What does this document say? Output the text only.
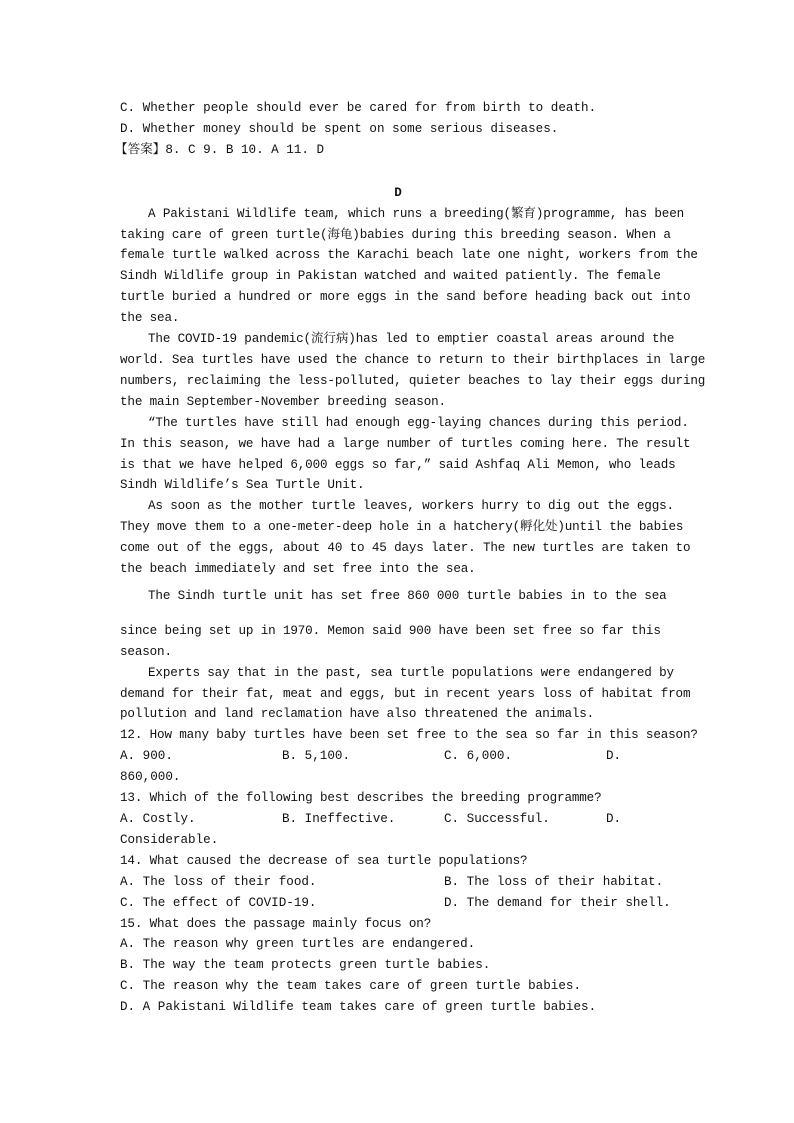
C. Whether people should ever be cared for from birth to death.
D. Whether money should be spent on some serious diseases.
【答案】8. C 9. B 10. A 11. D
D
A Pakistani Wildlife team, which runs a breeding(繁育)programme, has been
taking care of green turtle(海龟)babies during this breeding season. When a
female turtle walked across the Karachi beach late one night, workers from the
Sindh Wildlife group in Pakistan watched and waited patiently. The female
turtle buried a hundred or more eggs in the sand before heading back out into
the sea.
The COVID-19 pandemic(流行病)has led to emptier coastal areas around the
world. Sea turtles have used the chance to return to their birthplaces in large
numbers, reclaiming the less-polluted, quieter beaches to lay their eggs during
the main September-November breeding season.
“The turtles have still had enough egg-laying chances during this period.
In this season, we have had a large number of turtles coming here. The result
is that we have helped 6,000 eggs so far,” said Ashfaq Ali Memon, who leads
Sindh Wildlife’s Sea Turtle Unit.
As soon as the mother turtle leaves, workers hurry to dig out the eggs.
They move them to a one-meter-deep hole in a hatchery(孵化处)until the babies
come out of the eggs, about 40 to 45 days later. The new turtles are taken to
the beach immediately and set free into the sea.
The Sindh turtle unit has set free 860 000 turtle babies in to the sea
since being set up in 1970. Memon said 900 have been set free so far this
season.
Experts say that in the past, sea turtle populations were endangered by
demand for their fat, meat and eggs, but in recent years loss of habitat from
pollution and land reclamation have also threatened the animals.
12. How many baby turtles have been set free to the sea so far in this season?
A. 900.	B. 5,100.	C. 6,000.	D.
860,000.
13. Which of the following best describes the breeding programme?
A. Costly.	B. Ineffective.	C. Successful.	D.
Considerable.
14. What caused the decrease of sea turtle populations?
A. The loss of their food.	B. The loss of their habitat.
C. The effect of COVID-19.	D. The demand for their shell.
15. What does the passage mainly focus on?
A. The reason why green turtles are endangered.
B. The way the team protects green turtle babies.
C. The reason why the team takes care of green turtle babies.
D. A Pakistani Wildlife team takes care of green turtle babies.
